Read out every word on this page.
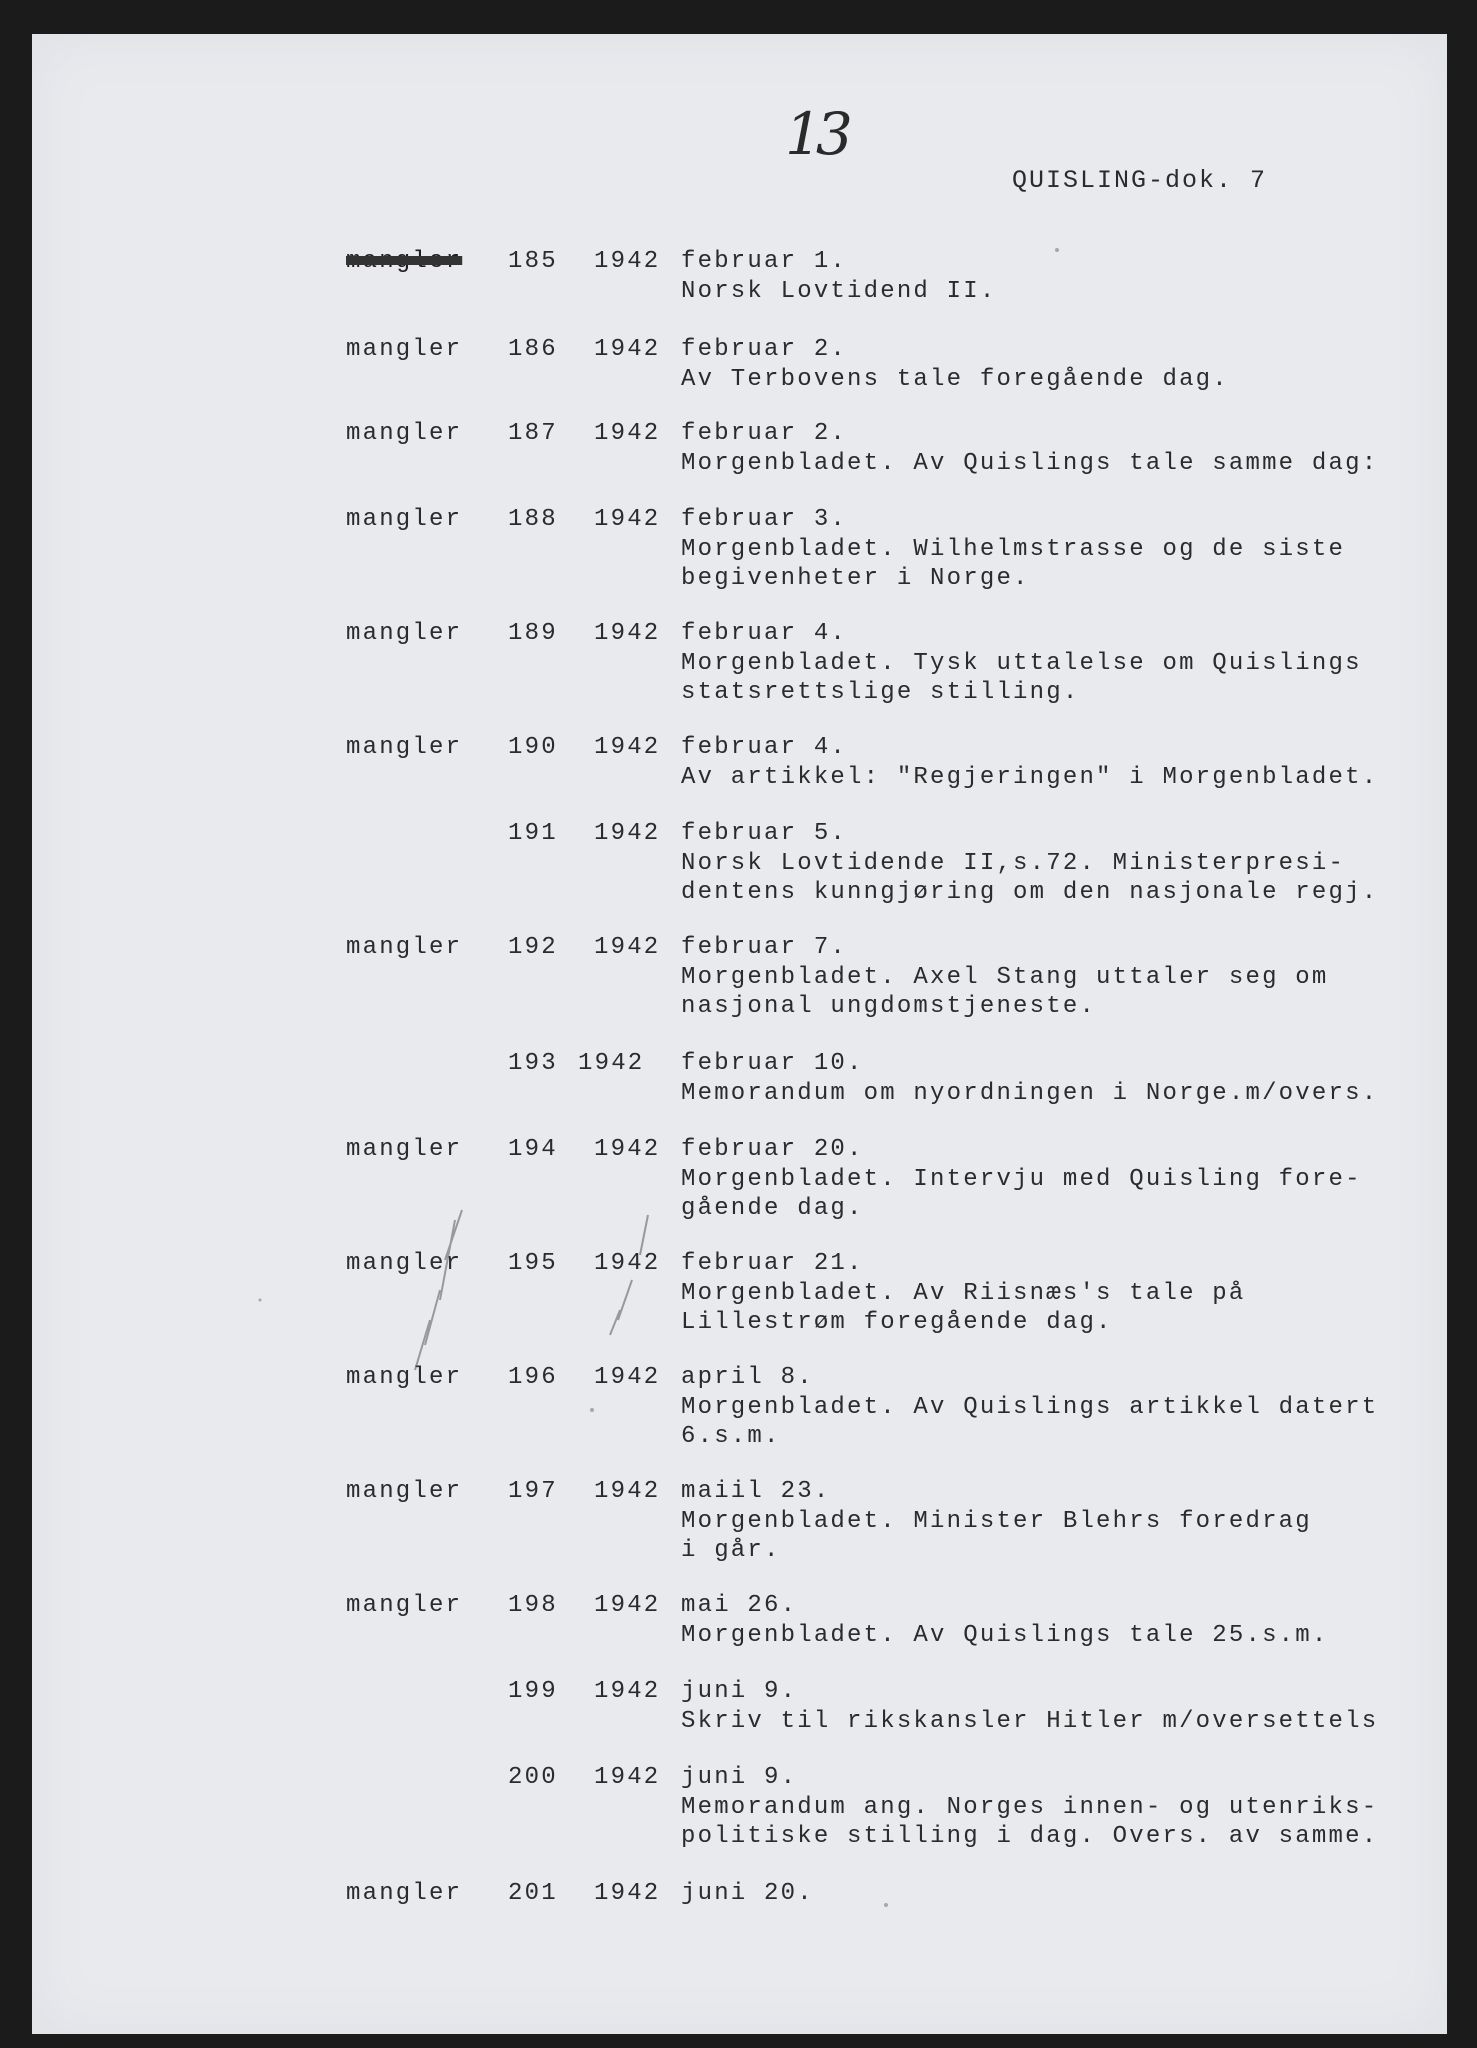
13
QUISLING-dok. 7
mangler 185 1942 februar 1.
Norsk Lovtidend II.
mangler 186 1942 februar 2.
Av Terbovens tale foregående dag.
mangler 187 1942 februar 2.
Morgenbladet. Av Quislings tale samme dag:
mangler 188 1942 februar 3.
Morgenbladet. Wilhelmstrasse og de siste
begivenheter i Norge.
mangler 189 1942 februar 4.
Morgenbladet. Tysk uttalelse om Quislings
statsrettslige stilling.
mangler 190 1942 februar 4.
Av artikkel: "Regjeringen" i Morgenbladet.
191 1942 februar 5.
Norsk Lovtidende II,s.72. Ministerpresi-
dentens kunngjøring om den nasjonale regj.
mangler 192 1942 februar 7.
Morgenbladet. Axel Stang uttaler seg om
nasjonal ungdomstjeneste.
193 1942 februar 10.
Memorandum om nyordningen i Norge.m/overs.
mangler 194 1942 februar 20.
Morgenbladet. Intervju med Quisling fore-
gående dag.
mangler 195 1942 februar 21.
Morgenbladet. Av Riisnæs's tale på
Lillestrøm foregående dag.
mangler 196 1942 april 8.
Morgenbladet. Av Quislings artikkel datert
6.s.m.
mangler 197 1942 maiil 23.
Morgenbladet. Minister Blehrs foredrag
i går.
mangler 198 1942 mai 26.
Morgenbladet. Av Quislings tale 25.s.m.
199 1942 juni 9.
Skriv til rikskansler Hitler m/oversettels
200 1942 juni 9.
Memorandum ang. Norges innen- og utenriks-
politiske stilling i dag. Overs. av samme.
mangler 201 1942 juni 20.
